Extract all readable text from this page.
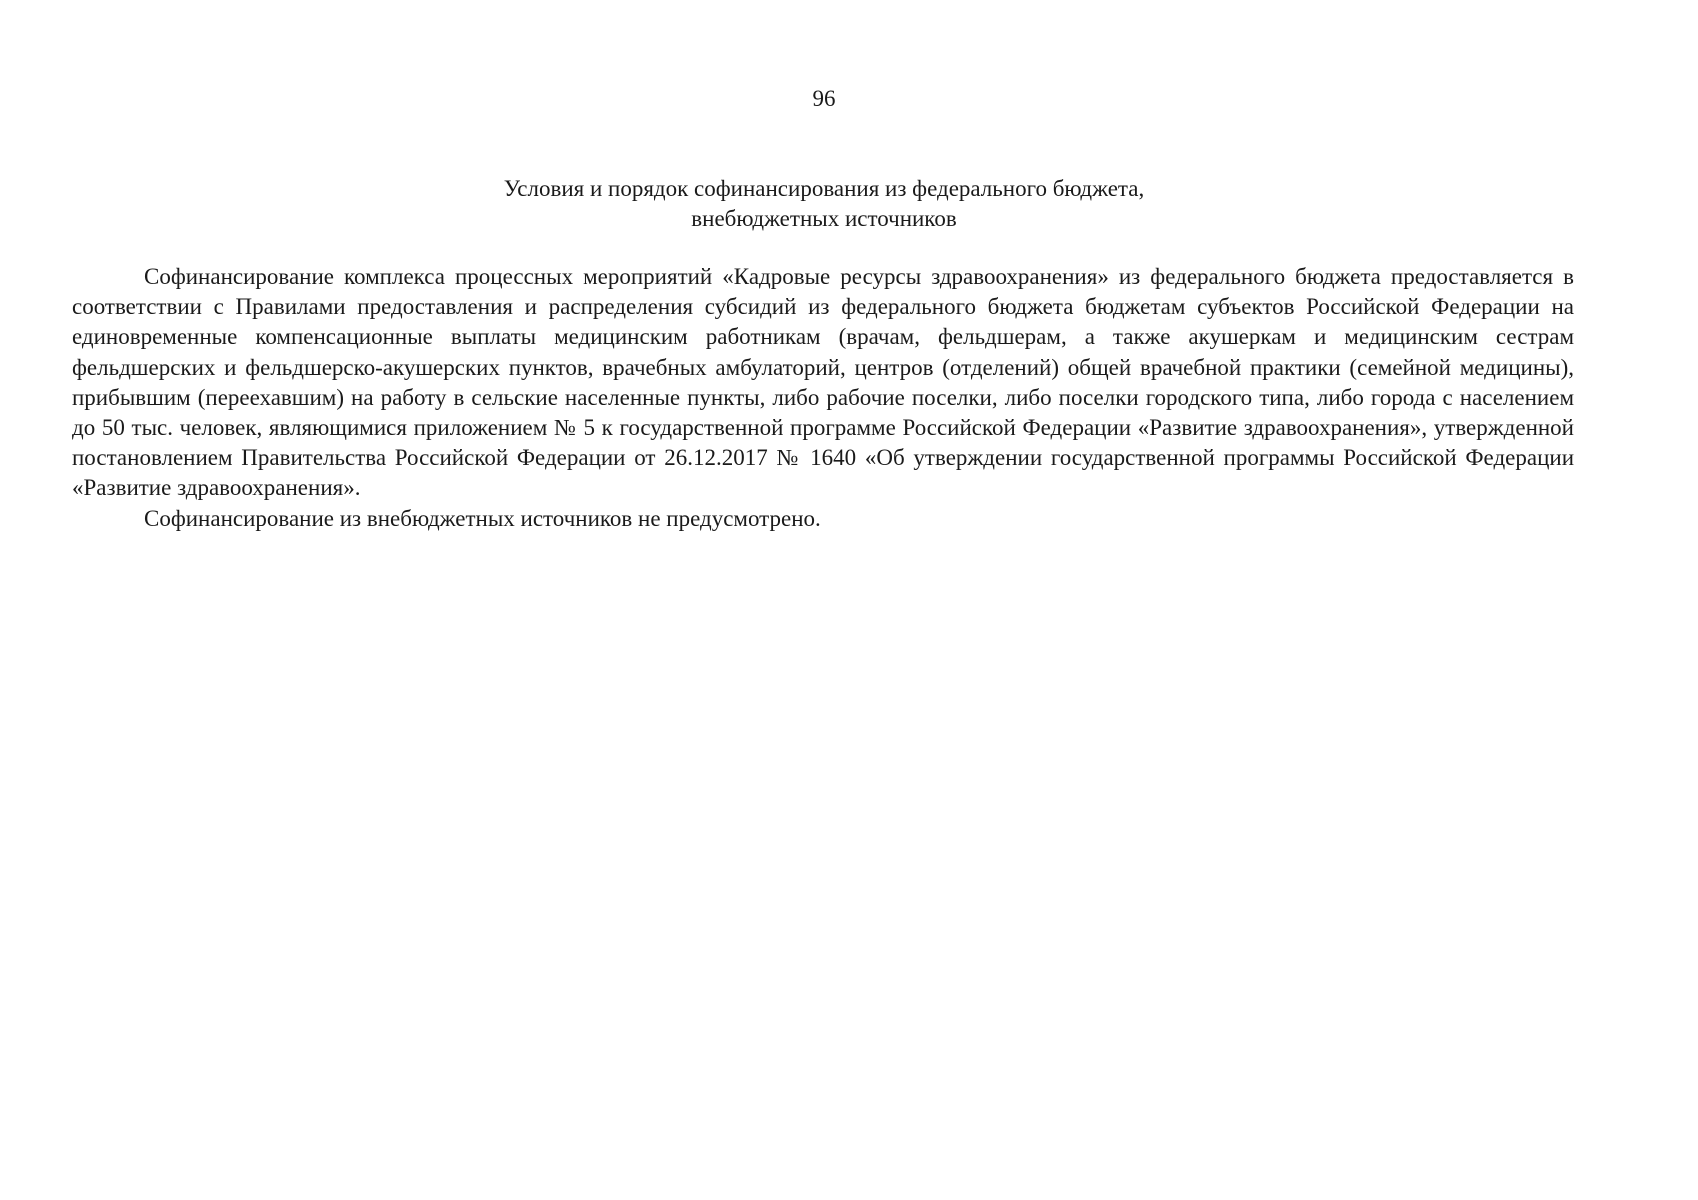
96
Условия и порядок софинансирования из федерального бюджета,
внебюджетных источников

Софинансирование комплекса процессных мероприятий «Кадровые ресурсы здравоохранения» из федерального бюджета предоставляется в соответствии с Правилами предоставления и распределения субсидий из федерального бюджета бюджетам субъектов Российской Федерации на единовременные компенсационные выплаты медицинским работникам (врачам, фельдшерам, а также акушеркам и медицинским сестрам фельдшерских и фельдшерско-акушерских пунктов, врачебных амбулаторий, центров (отделений) общей врачебной практики (семейной медицины), прибывшим (переехавшим) на работу в сельские населенные пункты, либо рабочие поселки, либо поселки городского типа, либо города с населением до 50 тыс. человек, являющимися приложением № 5 к государственной программе Российской Федерации «Развитие здравоохранения», утвержденной постановлением Правительства Российской Федерации от 26.12.2017 № 1640 «Об утверждении государственной программы Российской Федерации «Развитие здравоохранения».

Софинансирование из внебюджетных источников не предусмотрено.
